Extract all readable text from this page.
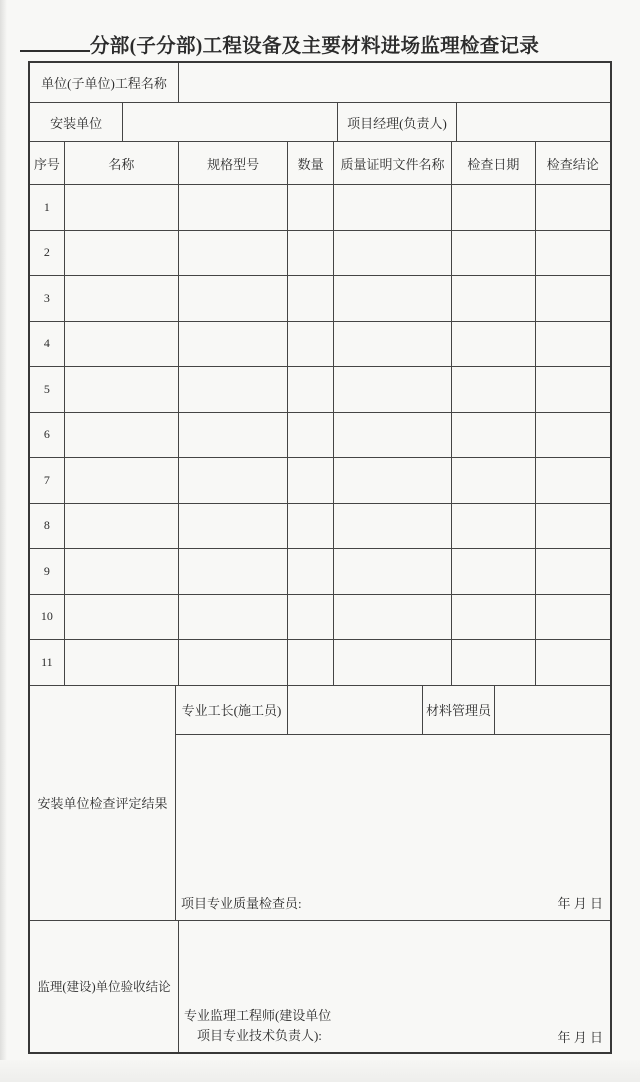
分部(子分部)工程设备及主要材料进场监理检查记录
单位(子单位)工程名称
安装单位	项目经理(负责人)
序号	名称	规格型号	数量	质量证明文件名称	检查日期	检查结论
1
2
3
4
5
6
7
8
9
10
11
安装单位检查评定结果
专业工长(施工员)	材料管理员
项目专业质量检查员:	年 月 日
监理(建设)单位验收结论
专业监理工程师(建设单位
项目专业技术负责人):	年 月 日
